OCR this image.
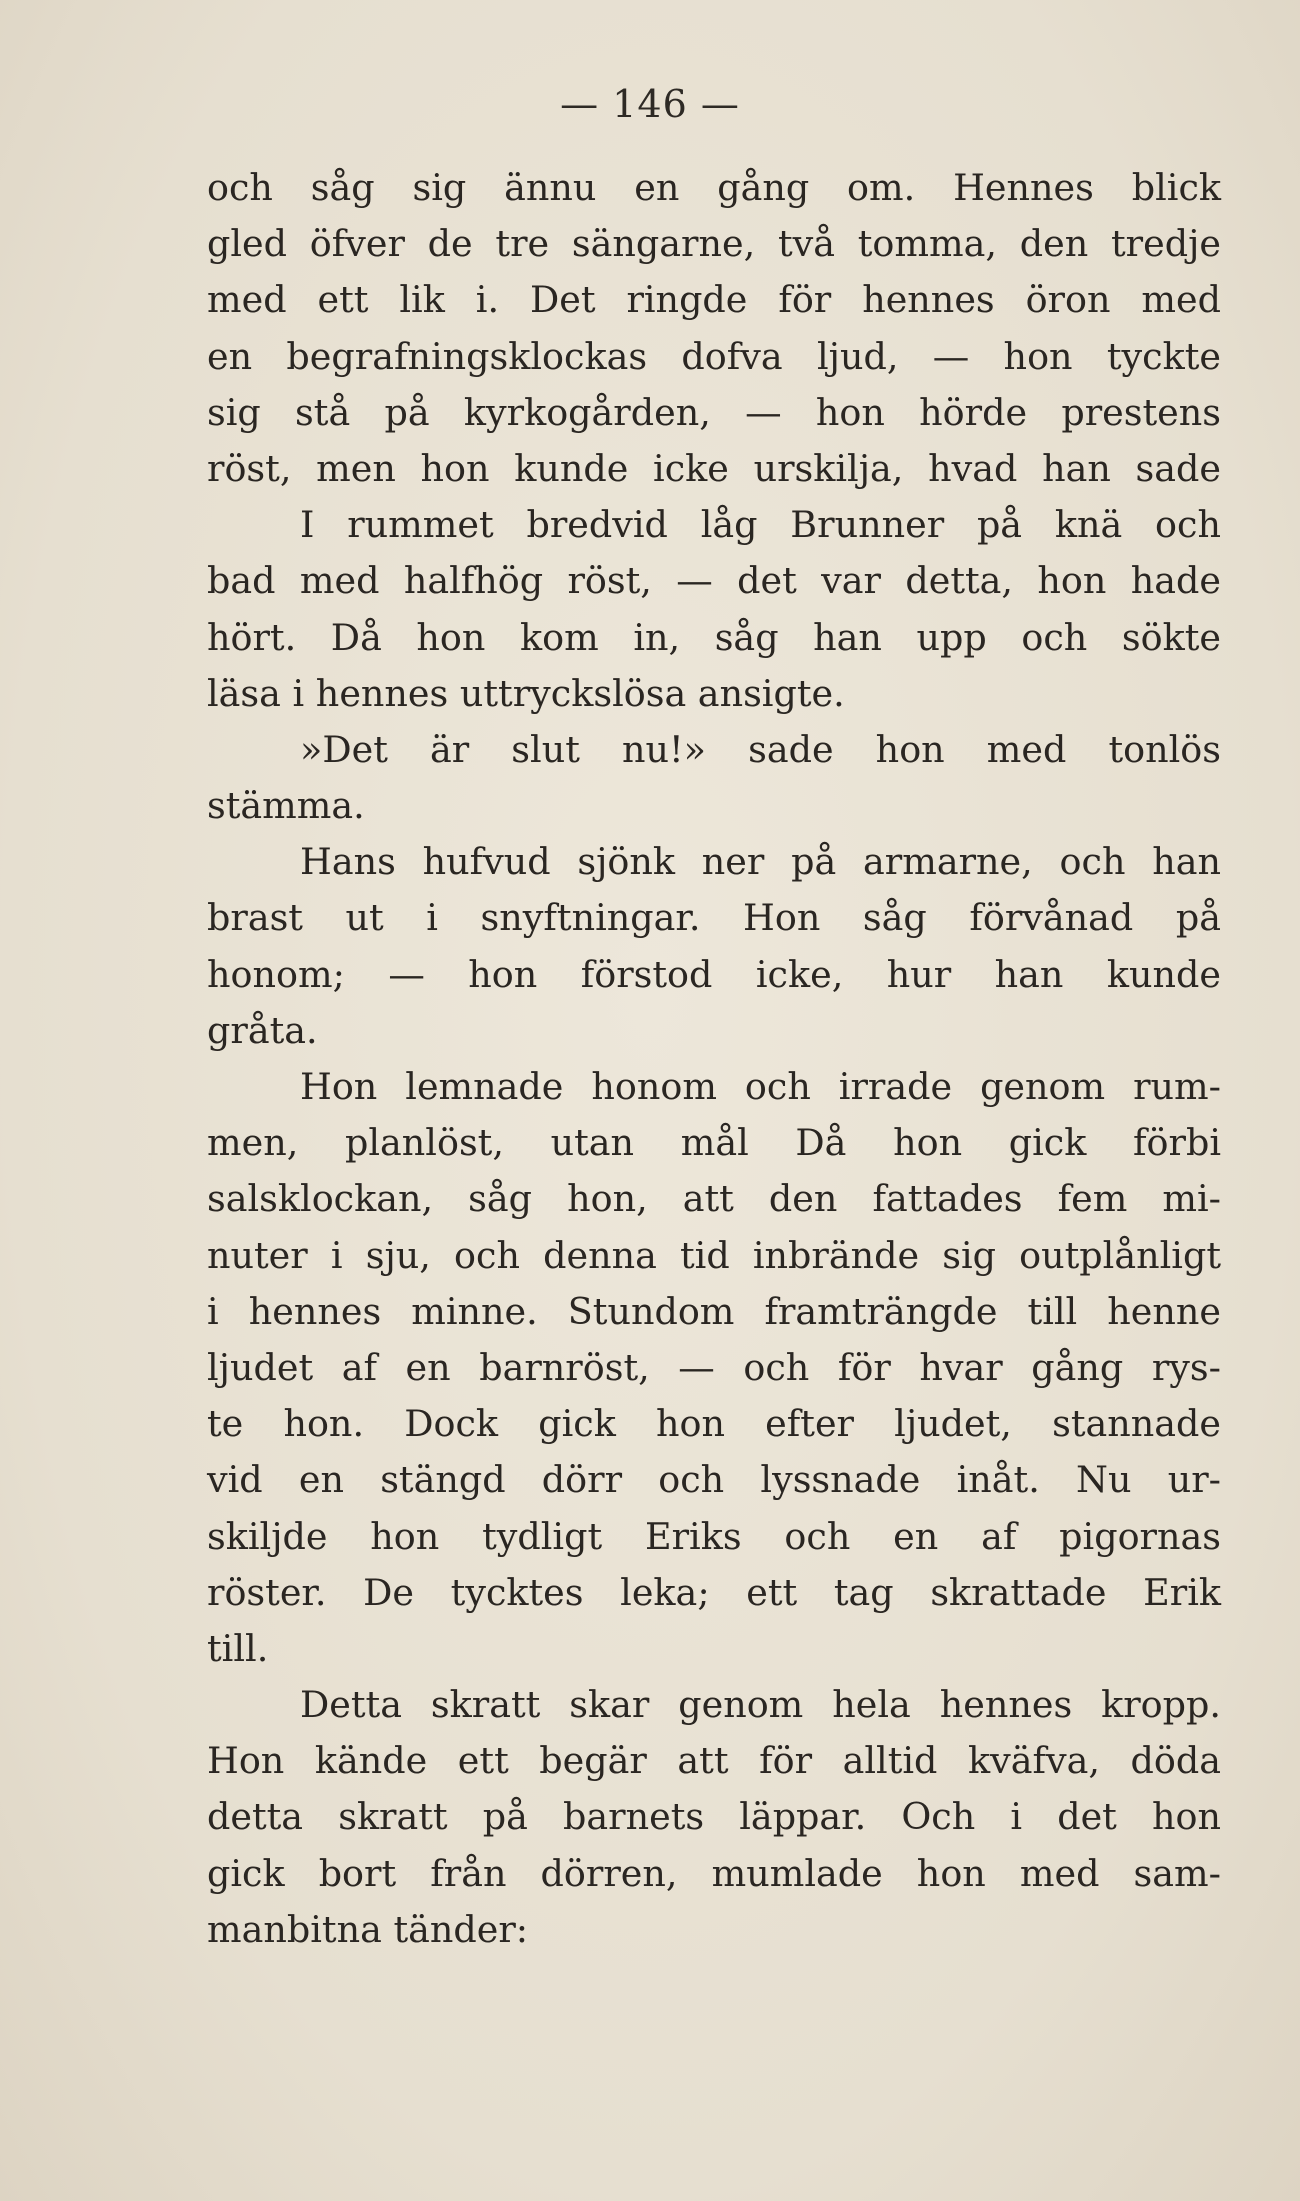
— 146 —
och såg sig ännu en gång om. Hennes blick
gled öfver de tre sängarne, två tomma, den tredje
med ett lik i. Det ringde för hennes öron med
en begrafningsklockas dofva ljud, — hon tyckte
sig stå på kyrkogården, — hon hörde prestens
röst, men hon kunde icke urskilja, hvad han sade
I rummet bredvid låg Brunner på knä och
bad med halfhög röst, — det var detta, hon hade
hört. Då hon kom in, såg han upp och sökte
läsa i hennes uttryckslösa ansigte.
»Det är slut nu!» sade hon med tonlös
stämma.
Hans hufvud sjönk ner på armarne, och han
brast ut i snyftningar. Hon såg förvånad på
honom; — hon förstod icke, hur han kunde
gråta.
Hon lemnade honom och irrade genom rum-
men, planlöst, utan mål Då hon gick förbi
salsklockan, såg hon, att den fattades fem mi-
nuter i sju, och denna tid inbrände sig outplånligt
i hennes minne. Stundom framträngde till henne
ljudet af en barnröst, — och för hvar gång rys-
te hon. Dock gick hon efter ljudet, stannade
vid en stängd dörr och lyssnade inåt. Nu ur-
skiljde hon tydligt Eriks och en af pigornas
röster. De tycktes leka; ett tag skrattade Erik
till.
Detta skratt skar genom hela hennes kropp.
Hon kände ett begär att för alltid kväfva, döda
detta skratt på barnets läppar. Och i det hon
gick bort från dörren, mumlade hon med sam-
manbitna tänder:
